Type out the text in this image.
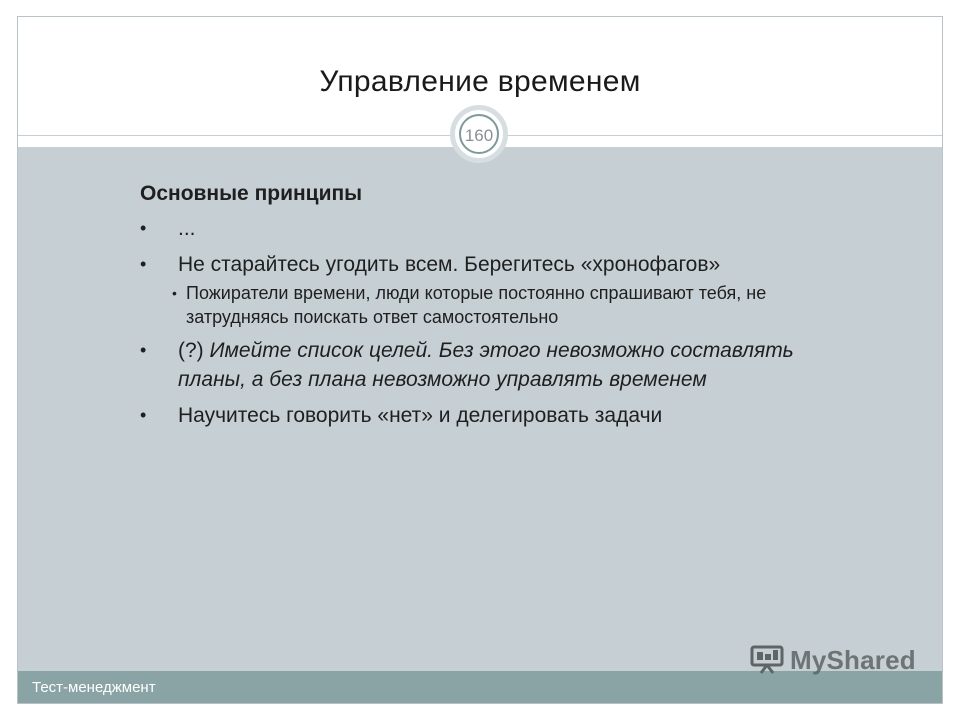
Управление временем
160
Тест-менеджмент
Основные принципы
• ...
• Не старайтесь угодить всем. Берегитесь «хронофагов»
• Пожиратели времени, люди которые постоянно спрашивают тебя, не затрудняясь поискать ответ самостоятельно
• (?) Имейте список целей. Без этого невозможно составлять планы, а без плана невозможно управлять временем
• Научитесь говорить «нет» и делегировать задачи
MyShared
